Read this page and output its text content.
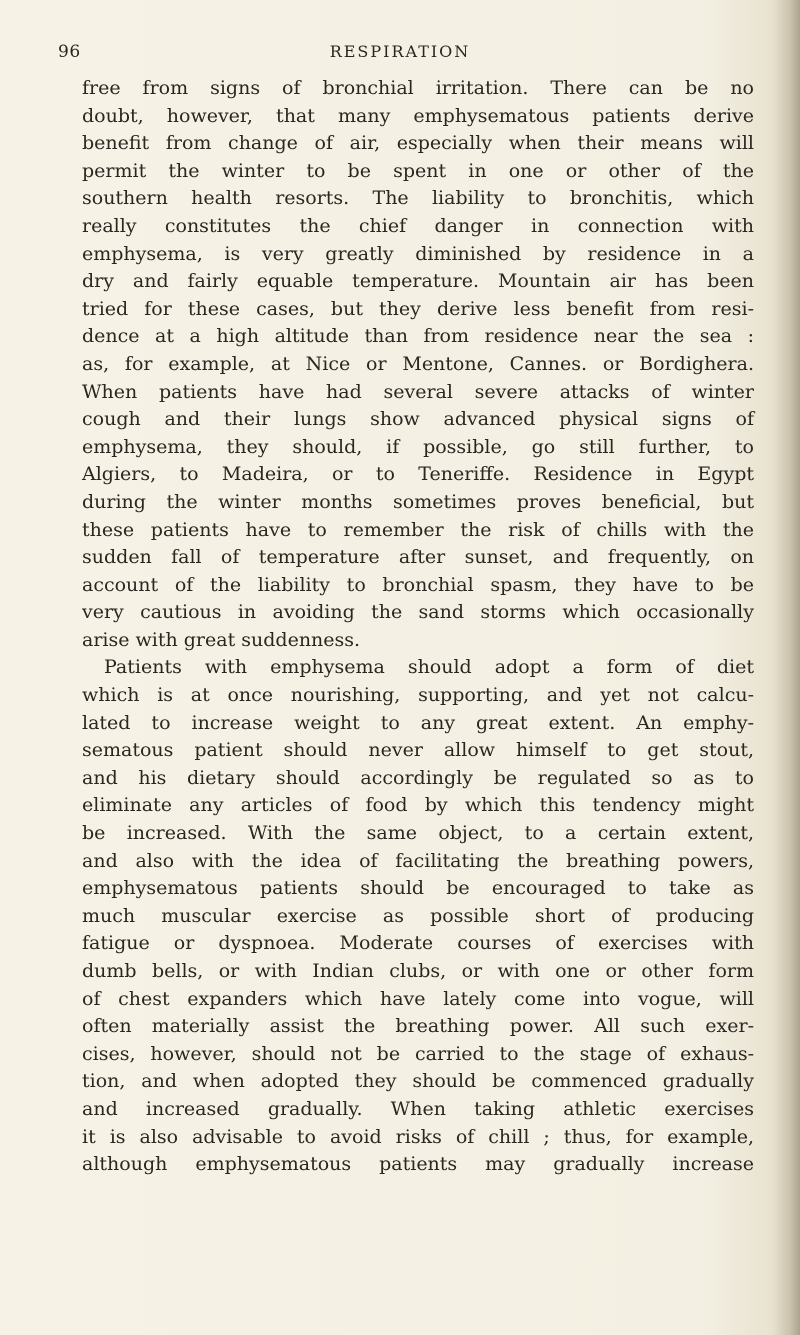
96	RESPIRATION
free from signs of bronchial irritation. There can be no
doubt, however, that many emphysematous patients derive
benefit from change of air, especially when their means will
permit the winter to be spent in one or other of the
southern health resorts. The liability to bronchitis, which
really constitutes the chief danger in connection with
emphysema, is very greatly diminished by residence in a
dry and fairly equable temperature. Mountain air has been
tried for these cases, but they derive less benefit from resi-
dence at a high altitude than from residence near the sea :
as, for example, at Nice or Mentone, Cannes. or Bordighera.
When patients have had several severe attacks of winter
cough and their lungs show advanced physical signs of
emphysema, they should, if possible, go still further, to
Algiers, to Madeira, or to Teneriffe. Residence in Egypt
during the winter months sometimes proves beneficial, but
these patients have to remember the risk of chills with the
sudden fall of temperature after sunset, and frequently, on
account of the liability to bronchial spasm, they have to be
very cautious in avoiding the sand storms which occasionally
arise with great suddenness.
Patients with emphysema should adopt a form of diet
which is at once nourishing, supporting, and yet not calcu-
lated to increase weight to any great extent. An emphy-
sematous patient should never allow himself to get stout,
and his dietary should accordingly be regulated so as to
eliminate any articles of food by which this tendency might
be increased. With the same object, to a certain extent,
and also with the idea of facilitating the breathing powers,
emphysematous patients should be encouraged to take as
much muscular exercise as possible short of producing
fatigue or dyspnoea. Moderate courses of exercises with
dumb bells, or with Indian clubs, or with one or other form
of chest expanders which have lately come into vogue, will
often materially assist the breathing power. All such exer-
cises, however, should not be carried to the stage of exhaus-
tion, and when adopted they should be commenced gradually
and increased gradually. When taking athletic exercises
it is also advisable to avoid risks of chill ; thus, for example,
although emphysematous patients may gradually increase
